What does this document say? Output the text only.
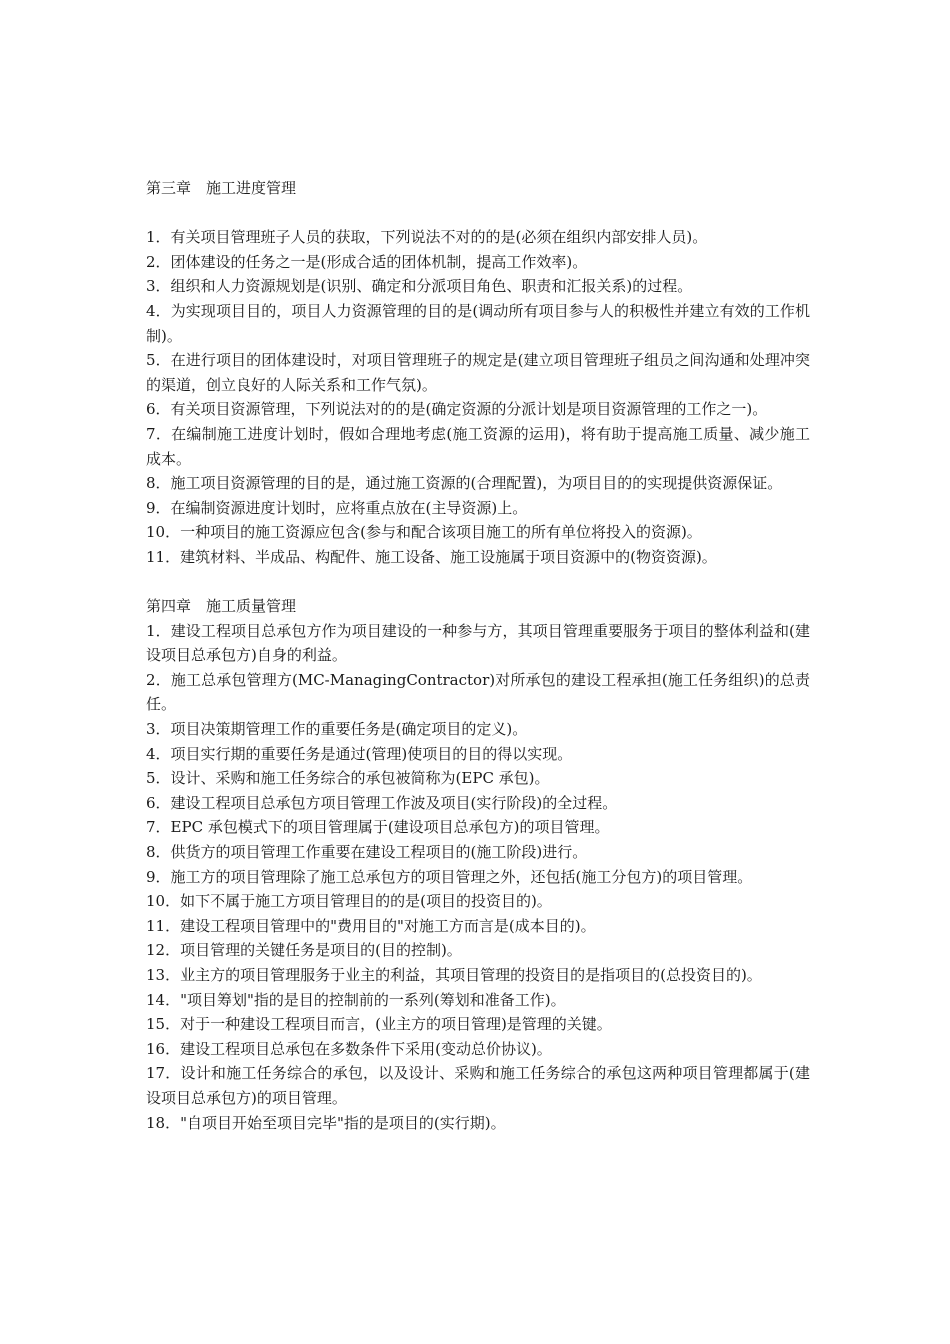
第三章　施工进度管理

1．有关项目管理班子人员的获取，下列说法不对的的是(必须在组织内部安排人员)。

2．团体建设的任务之一是(形成合适的团体机制，提高工作效率)。

3．组织和人力资源规划是(识别、确定和分派项目角色、职责和汇报关系)的过程。

4．为实现项目目的，项目人力资源管理的目的是(调动所有项目参与人的积极性并建立有效的工作机制)。

5．在进行项目的团体建设时，对项目管理班子的规定是(建立项目管理班子组员之间沟通和处理冲突的渠道，创立良好的人际关系和工作气氛)。

6．有关项目资源管理，下列说法对的的是(确定资源的分派计划是项目资源管理的工作之一)。

7．在编制施工进度计划时，假如合理地考虑(施工资源的运用)，将有助于提高施工质量、减少施工成本。

8．施工项目资源管理的目的是，通过施工资源的(合理配置)，为项目目的的实现提供资源保证。

9．在编制资源进度计划时，应将重点放在(主导资源)上。

10．一种项目的施工资源应包含(参与和配合该项目施工的所有单位将投入的资源)。

11．建筑材料、半成品、构配件、施工设备、施工设施属于项目资源中的(物资资源)。

第四章　施工质量管理

1．建设工程项目总承包方作为项目建设的一种参与方，其项目管理重要服务于项目的整体利益和(建设项目总承包方)自身的利益。

2．施工总承包管理方(MC-ManagingContractor)对所承包的建设工程承担(施工任务组织)的总责任。

3．项目决策期管理工作的重要任务是(确定项目的定义)。

4．项目实行期的重要任务是通过(管理)使项目的目的得以实现。

5．设计、采购和施工任务综合的承包被简称为(EPC 承包)。

6．建设工程项目总承包方项目管理工作波及项目(实行阶段)的全过程。

7．EPC 承包模式下的项目管理属于(建设项目总承包方)的项目管理。

8．供货方的项目管理工作重要在建设工程项目的(施工阶段)进行。

9．施工方的项目管理除了施工总承包方的项目管理之外，还包括(施工分包方)的项目管理。

10．如下不属于施工方项目管理目的的是(项目的投资目的)。

11．建设工程项目管理中的"费用目的"对施工方而言是(成本目的)。

12．项目管理的关键任务是项目的(目的控制)。

13．业主方的项目管理服务于业主的利益，其项目管理的投资目的是指项目的(总投资目的)。

14．"项目筹划"指的是目的控制前的一系列(筹划和准备工作)。

15．对于一种建设工程项目而言，(业主方的项目管理)是管理的关键。

16．建设工程项目总承包在多数条件下采用(变动总价协议)。

17．设计和施工任务综合的承包，以及设计、采购和施工任务综合的承包这两种项目管理都属于(建设项目总承包方)的项目管理。

18．"自项目开始至项目完毕"指的是项目的(实行期)。
